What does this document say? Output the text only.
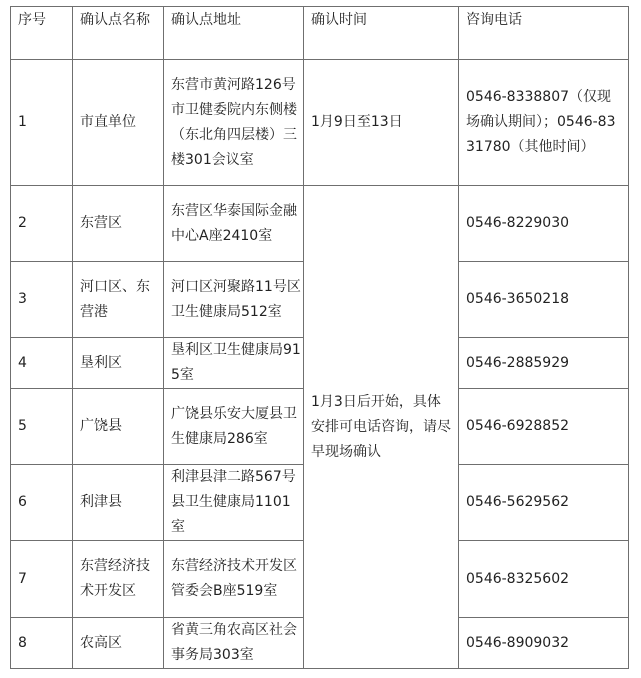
序号	确认点名称	确认点地址	确认时间	咨询电话
1	市直单位	东营市黄河路126号市卫健委院内东侧楼（东北角四层楼）三楼301会议室	1月9日至13日	0546-8338807（仅现场确认期间）；0546-8331780（其他时间）
2	东营区	东营区华泰国际金融中心A座2410室	1月3日后开始，具体安排可电话咨询，请尽早现场确认	0546-8229030
3	河口区、东营港	河口区河聚路11号区卫生健康局512室		0546-3650218
4	垦利区	垦利区卫生健康局915室		0546-2885929
5	广饶县	广饶县乐安大厦县卫生健康局286室		0546-6928852
6	利津县	利津县津二路567号县卫生健康局1101室		0546-5629562
7	东营经济技术开发区	东营经济技术开发区管委会B座519室		0546-8325602
8	农高区	省黄三角农高区社会事务局303室		0546-8909032
